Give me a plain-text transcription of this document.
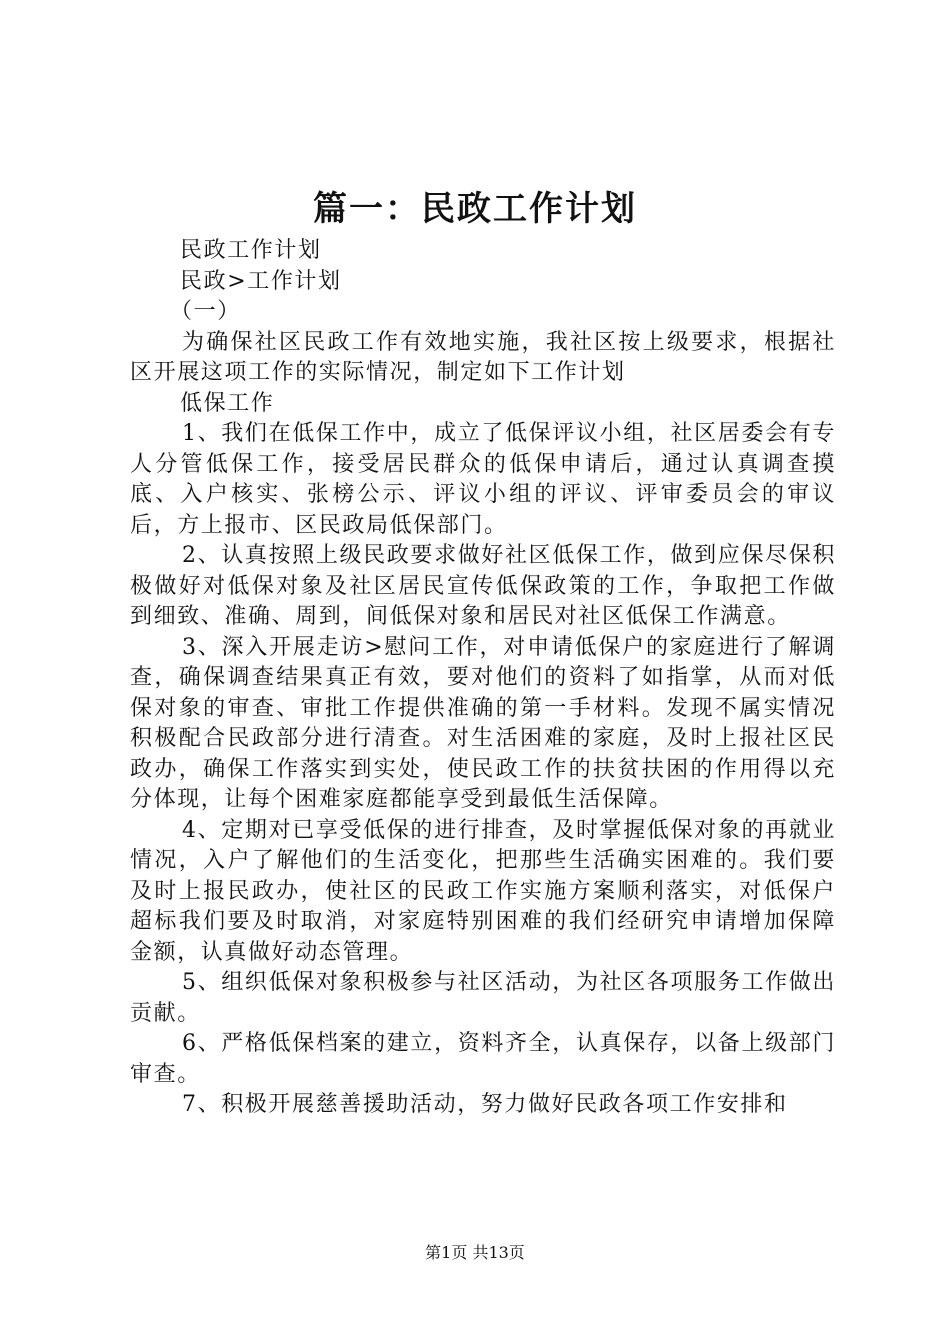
篇一：民政工作计划

民政工作计划

民政>工作计划

（一）

为确保社区民政工作有效地实施，我社区按上级要求，根据社区开展这项工作的实际情况，制定如下工作计划

低保工作

1、我们在低保工作中，成立了低保评议小组，社区居委会有专人分管低保工作，接受居民群众的低保申请后，通过认真调查摸底、入户核实、张榜公示、评议小组的评议、评审委员会的审议后，方上报市、区民政局低保部门。

2、认真按照上级民政要求做好社区低保工作，做到应保尽保积极做好对低保对象及社区居民宣传低保政策的工作，争取把工作做到细致、准确、周到，间低保对象和居民对社区低保工作满意。

3、深入开展走访>慰问工作，对申请低保户的家庭进行了解调查，确保调查结果真正有效，要对他们的资料了如指掌，从而对低保对象的审查、审批工作提供准确的第一手材料。发现不属实情况积极配合民政部分进行清查。对生活困难的家庭，及时上报社区民政办，确保工作落实到实处，使民政工作的扶贫扶困的作用得以充分体现，让每个困难家庭都能享受到最低生活保障。

4、定期对已享受低保的进行排查，及时掌握低保对象的再就业情况，入户了解他们的生活变化，把那些生活确实困难的。我们要及时上报民政办，使社区的民政工作实施方案顺利落实，对低保户超标我们要及时取消，对家庭特别困难的我们经研究申请增加保障金额，认真做好动态管理。

5、组织低保对象积极参与社区活动，为社区各项服务工作做出贡献。

6、严格低保档案的建立，资料齐全，认真保存，以备上级部门审查。

7、积极开展慈善援助活动，努力做好民政各项工作安排和

第1页 共13页
